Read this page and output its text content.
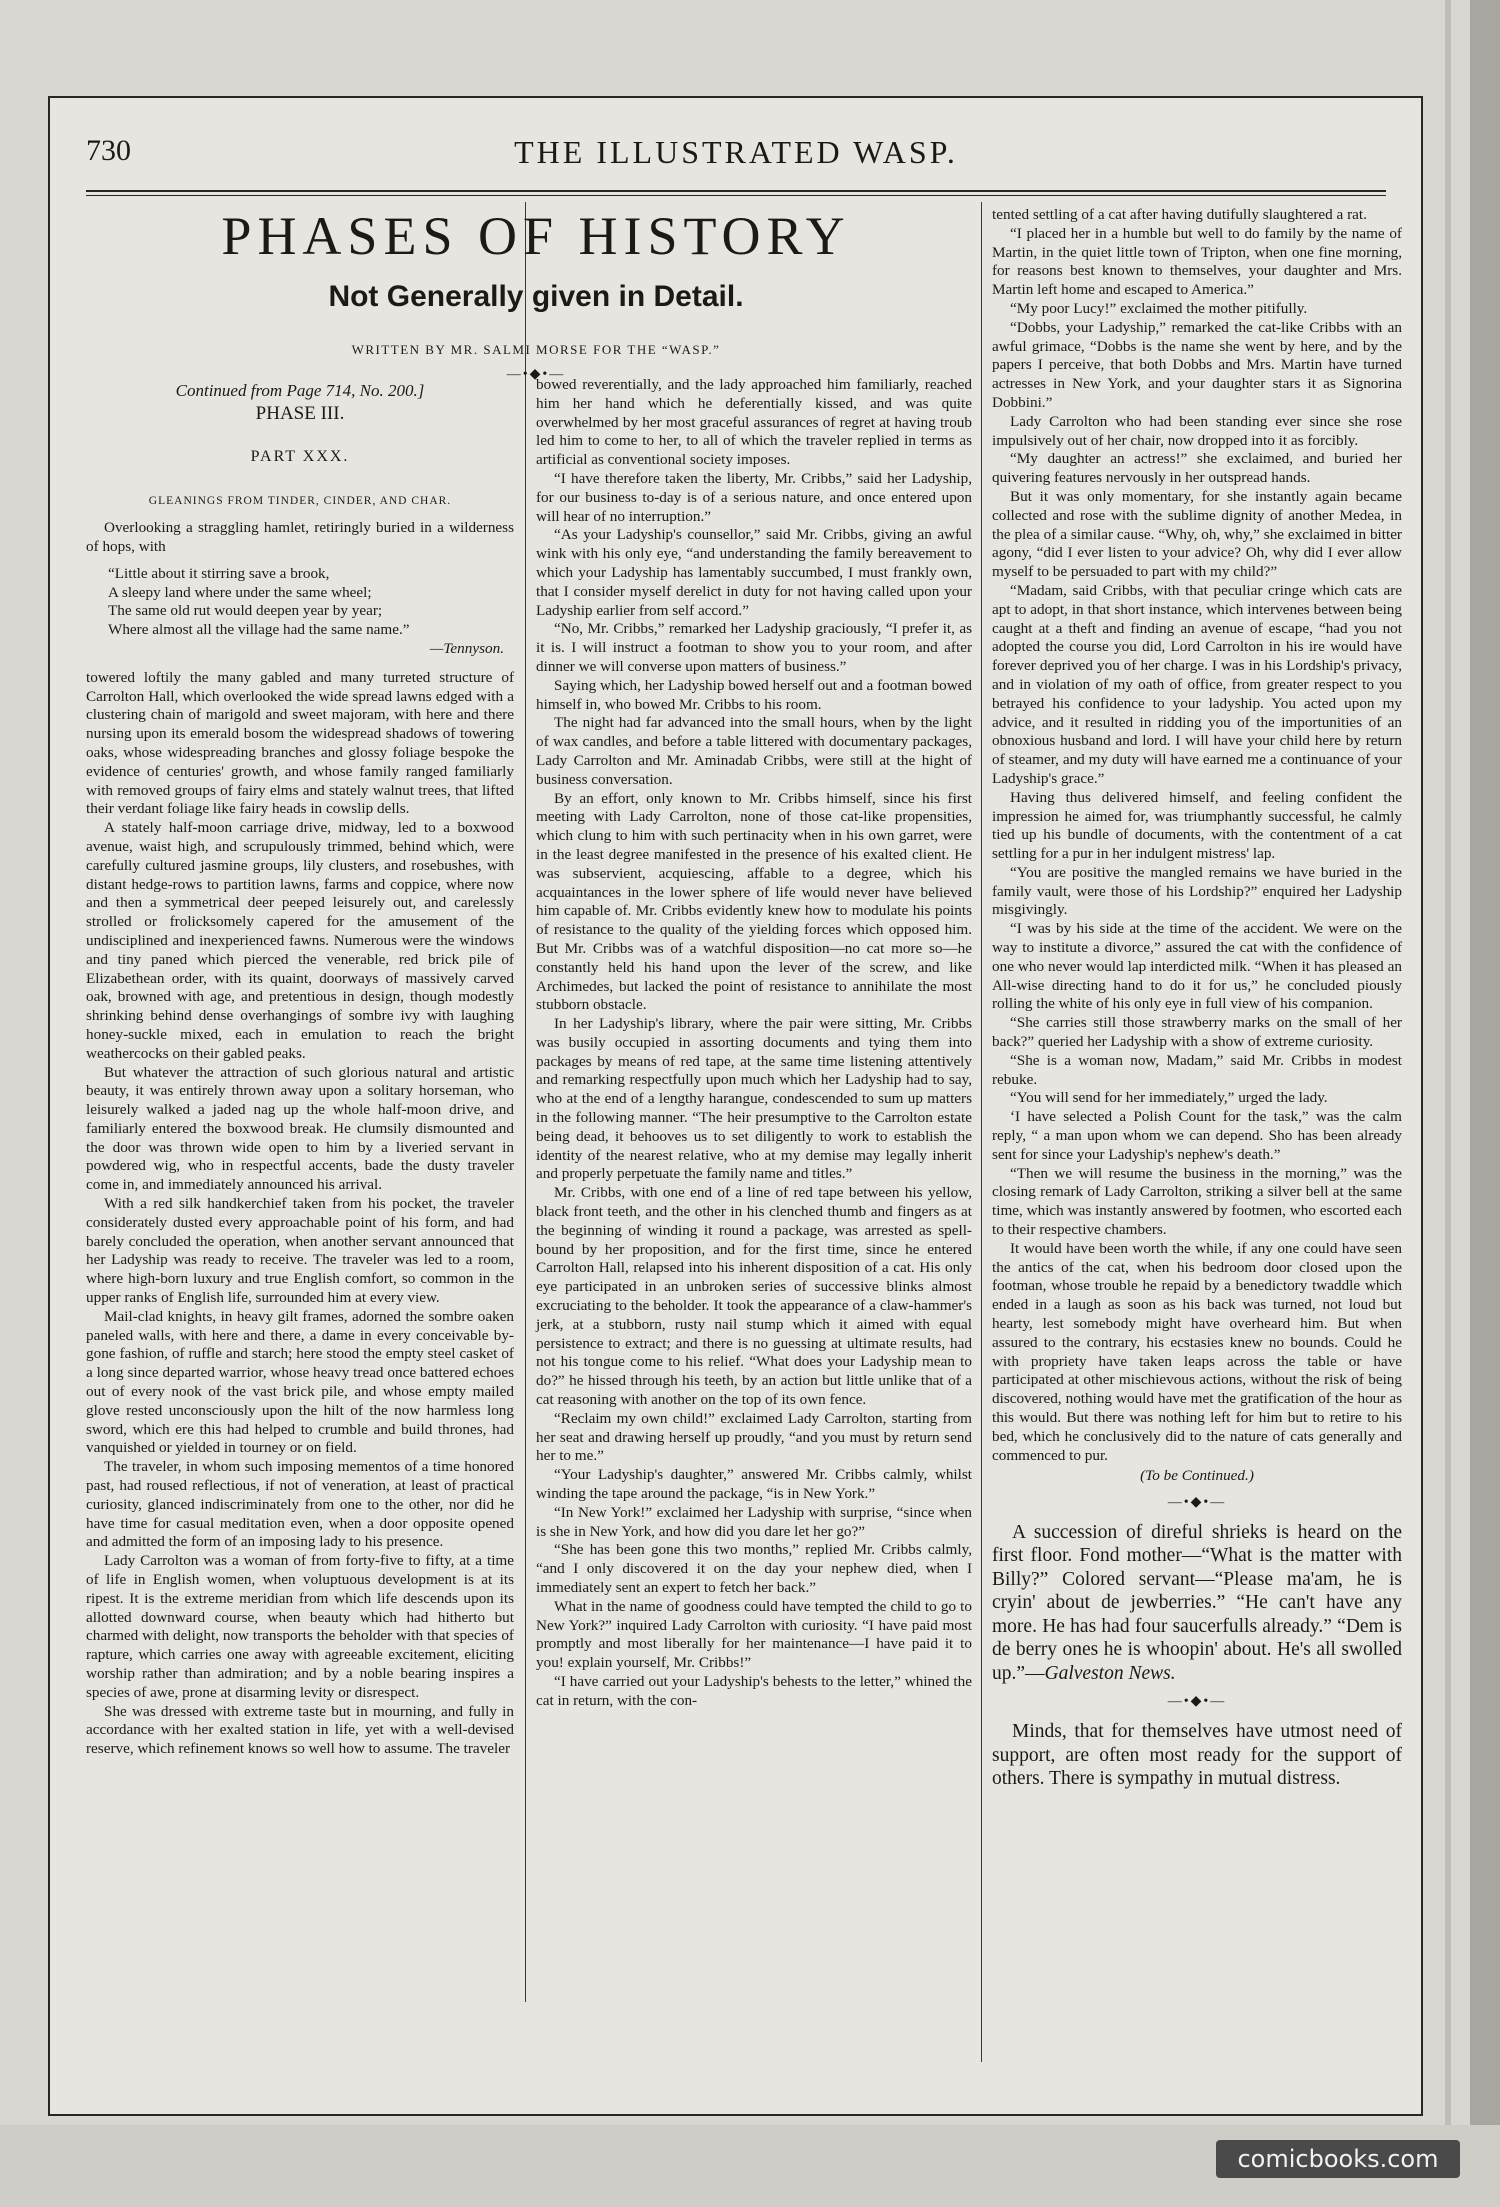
730	THE ILLUSTRATED WASP.
PHASES OF HISTORY
Not Generally given in Detail.
WRITTEN BY MR. SALMI MORSE FOR THE “WASP.”
—•◆•—
Continued from Page 714, No. 200.]
PHASE III.
PART XXX.
GLEANINGS FROM TINDER, CINDER, AND CHAR.

Overlooking a straggling hamlet, retiringly buried in a wilderness of hops, with

“Little about it stirring save a brook,
A sleepy land where under the same wheel;
The same old rut would deepen year by year;
Where almost all the village had the same name.”
—Tennyson.

towered loftily the many gabled and many turreted structure of Carrolton Hall, which overlooked the wide spread lawns edged with a clustering chain of marigold and sweet majoram, with here and there nursing upon its emerald bosom the widespread shadows of towering oaks, whose widespreading branches and glossy foliage bespoke the evidence of centuries' growth, and whose family ranged familiarly with removed groups of fairy elms and stately walnut trees, that lifted their verdant foliage like fairy heads in cowslip dells.

A stately half-moon carriage drive, midway, led to a boxwood avenue, waist high, and scrupulously trimmed, behind which, were carefully cultured jasmine groups, lily clusters, and rosebushes, with distant hedge-rows to partition lawns, farms and coppice, where now and then a symmetrical deer peeped leisurely out, and carelessly strolled or frolicksomely capered for the amusement of the undisciplined and inexperienced fawns. Numerous were the windows and tiny paned which pierced the venerable, red brick pile of Elizabethean order, with its quaint, doorways of massively carved oak, browned with age, and pretentious in design, though modestly shrinking behind dense overhangings of sombre ivy with laughing honey-suckle mixed, each in emulation to reach the bright weathercocks on their gabled peaks.

But whatever the attraction of such glorious natural and artistic beauty, it was entirely thrown away upon a solitary horseman, who leisurely walked a jaded nag up the whole half-moon drive, and familiarly entered the boxwood break. He clumsily dismounted and the door was thrown wide open to him by a liveried servant in powdered wig, who in respectful accents, bade the dusty traveler come in, and immediately announced his arrival.

With a red silk handkerchief taken from his pocket, the traveler considerately dusted every approachable point of his form, and had barely concluded the operation, when another servant announced that her Ladyship was ready to receive. The traveler was led to a room, where high-born luxury and true English comfort, so common in the upper ranks of English life, surrounded him at every view.

Mail-clad knights, in heavy gilt frames, adorned the sombre oaken paneled walls, with here and there, a dame in every conceivable by-gone fashion, of ruffle and starch; here stood the empty steel casket of a long since departed warrior, whose heavy tread once battered echoes out of every nook of the vast brick pile, and whose empty mailed glove rested unconsciously upon the hilt of the now harmless long sword, which ere this had helped to crumble and build thrones, had vanquished or yielded in tourney or on field.

The traveler, in whom such imposing mementos of a time honored past, had roused reflectious, if not of veneration, at least of practical curiosity, glanced indiscriminately from one to the other, nor did he have time for casual meditation even, when a door opposite opened and admitted the form of an imposing lady to his presence.

Lady Carrolton was a woman of from forty-five to fifty, at a time of life in English women, when voluptuous development is at its ripest. It is the extreme meridian from which life descends upon its allotted downward course, when beauty which had hitherto but charmed with delight, now transports the beholder with that species of rapture, which carries one away with agreeable excitement, eliciting worship rather than admiration; and by a noble bearing inspires a species of awe, prone at disarming levity or disrespect.

She was dressed with extreme taste but in mourning, and fully in accordance with her exalted station in life, yet with a well-devised reserve, which refinement knows so well how to assume. The traveler

bowed reverentially, and the lady approached him familiarly, reached him her hand which he deferentially kissed, and was quite overwhelmed by her most graceful assurances of regret at having troub led him to come to her, to all of which the traveler replied in terms as artificial as conventional society imposes.

“I have therefore taken the liberty, Mr. Cribbs,” said her Ladyship, for our business to-day is of a serious nature, and once entered upon will hear of no interruption.”

“As your Ladyship's counsellor,” said Mr. Cribbs, giving an awful wink with his only eye, “and understanding the family bereavement to which your Ladyship has lamentably succumbed, I must frankly own, that I consider myself derelict in duty for not having called upon your Ladyship earlier from self accord.”

“No, Mr. Cribbs,” remarked her Ladyship graciously, “I prefer it, as it is. I will instruct a footman to show you to your room, and after dinner we will converse upon matters of business.”

Saying which, her Ladyship bowed herself out and a footman bowed himself in, who bowed Mr. Cribbs to his room.

The night had far advanced into the small hours, when by the light of wax candles, and before a table littered with documentary packages, Lady Carrolton and Mr. Aminadab Cribbs, were still at the hight of business conversation.

By an effort, only known to Mr. Cribbs himself, since his first meeting with Lady Carrolton, none of those cat-like propensities, which clung to him with such pertinacity when in his own garret, were in the least degree manifested in the presence of his exalted client. He was subservient, acquiescing, affable to a degree, which his acquaintances in the lower sphere of life would never have believed him capable of. Mr. Cribbs evidently knew how to modulate his points of resistance to the quality of the yielding forces which opposed him. But Mr. Cribbs was of a watchful disposition—no cat more so—he constantly held his hand upon the lever of the screw, and like Archimedes, but lacked the point of resistance to annihilate the most stubborn obstacle.

In her Ladyship's library, where the pair were sitting, Mr. Cribbs was busily occupied in assorting documents and tying them into packages by means of red tape, at the same time listening attentively and remarking respectfully upon much which her Ladyship had to say, who at the end of a lengthy harangue, condescended to sum up matters in the following manner. “The heir presumptive to the Carrolton estate being dead, it behooves us to set diligently to work to establish the identity of the nearest relative, who at my demise may legally inherit and properly perpetuate the family name and titles.”

Mr. Cribbs, with one end of a line of red tape between his yellow, black front teeth, and the other in his clenched thumb and fingers as at the beginning of winding it round a package, was arrested as spell-bound by her proposition, and for the first time, since he entered Carrolton Hall, relapsed into his inherent disposition of a cat. His only eye participated in an unbroken series of successive blinks almost excruciating to the beholder. It took the appearance of a claw-hammer's jerk, at a stubborn, rusty nail stump which it aimed with equal persistence to extract; and there is no guessing at ultimate results, had not his tongue come to his relief. “What does your Ladyship mean to do?” he hissed through his teeth, by an action but little unlike that of a cat reasoning with another on the top of its own fence.

“Reclaim my own child!” exclaimed Lady Carrolton, starting from her seat and drawing herself up proudly, “and you must by return send her to me.”

“Your Ladyship's daughter,” answered Mr. Cribbs calmly, whilst winding the tape around the package, “is in New York.”

“In New York!” exclaimed her Ladyship with surprise, “since when is she in New York, and how did you dare let her go?”

“She has been gone this two months,” replied Mr. Cribbs calmly, “and I only discovered it on the day your nephew died, when I immediately sent an expert to fetch her back.”

What in the name of goodness could have tempted the child to go to New York?” inquired Lady Carrolton with curiosity. “I have paid most promptly and most liberally for her maintenance—I have paid it to you! explain yourself, Mr. Cribbs!”

“I have carried out your Ladyship's behests to the letter,” whined the cat in return, with the con-

tented settling of a cat after having dutifully slaughtered a rat.

“I placed her in a humble but well to do family by the name of Martin, in the quiet little town of Tripton, when one fine morning, for reasons best known to themselves, your daughter and Mrs. Martin left home and escaped to America.”

“My poor Lucy!” exclaimed the mother pitifully.

“Dobbs, your Ladyship,” remarked the cat-like Cribbs with an awful grimace, “Dobbs is the name she went by here, and by the papers I perceive, that both Dobbs and Mrs. Martin have turned actresses in New York, and your daughter stars it as Signorina Dobbini.”

Lady Carrolton who had been standing ever since she rose impulsively out of her chair, now dropped into it as forcibly.

“My daughter an actress!” she exclaimed, and buried her quivering features nervously in her outspread hands.

But it was only momentary, for she instantly again became collected and rose with the sublime dignity of another Medea, in the plea of a similar cause. “Why, oh, why,” she exclaimed in bitter agony, “did I ever listen to your advice? Oh, why did I ever allow myself to be persuaded to part with my child?”

“Madam, said Cribbs, with that peculiar cringe which cats are apt to adopt, in that short instance, which intervenes between being caught at a theft and finding an avenue of escape, “had you not adopted the course you did, Lord Carrolton in his ire would have forever deprived you of her charge. I was in his Lordship's privacy, and in violation of my oath of office, from greater respect to you betrayed his confidence to your ladyship. You acted upon my advice, and it resulted in ridding you of the importunities of an obnoxious husband and lord. I will have your child here by return of steamer, and my duty will have earned me a continuance of your Ladyship's grace.”

Having thus delivered himself, and feeling confident the impression he aimed for, was triumphantly successful, he calmly tied up his bundle of documents, with the contentment of a cat settling for a pur in her indulgent mistress' lap.

“You are positive the mangled remains we have buried in the family vault, were those of his Lordship?” enquired her Ladyship misgivingly.

“I was by his side at the time of the accident. We were on the way to institute a divorce,” assured the cat with the confidence of one who never would lap interdicted milk. “When it has pleased an All-wise directing hand to do it for us,” he concluded piously rolling the white of his only eye in full view of his companion.

“She carries still those strawberry marks on the small of her back?” queried her Ladyship with a show of extreme curiosity.

“She is a woman now, Madam,” said Mr. Cribbs in modest rebuke.

“You will send for her immediately,” urged the lady.

‘I have selected a Polish Count for the task,” was the calm reply, “ a man upon whom we can depend. Sho has been already sent for since your Ladyship's nephew's death.”

“Then we will resume the business in the morning,” was the closing remark of Lady Carrolton, striking a silver bell at the same time, which was instantly answered by footmen, who escorted each to their respective chambers.

It would have been worth the while, if any one could have seen the antics of the cat, when his bedroom door closed upon the footman, whose trouble he repaid by a benedictory twaddle which ended in a laugh as soon as his back was turned, not loud but hearty, lest somebody might have overheard him. But when assured to the contrary, his ecstasies knew no bounds. Could he with propriety have taken leaps across the table or have participated at other mischievous actions, without the risk of being discovered, nothing would have met the gratification of the hour as this would. But there was nothing left for him but to retire to his bed, which he conclusively did to the nature of cats generally and commenced to pur.

(To be Continued.)
—•◆•—

A succession of direful shrieks is heard on the first floor. Fond mother—“What is the matter with Billy?” Colored servant—“Please ma'am, he is cryin' about de jewberries.” “He can't have any more. He has had four saucerfulls already.” “Dem is de berry ones he is whoopin' about. He's all swolled up.”—Galveston News.

—•◆•—

Minds, that for themselves have utmost need of support, are often most ready for the support of others. There is sympathy in mutual distress.

comicbooks.com
